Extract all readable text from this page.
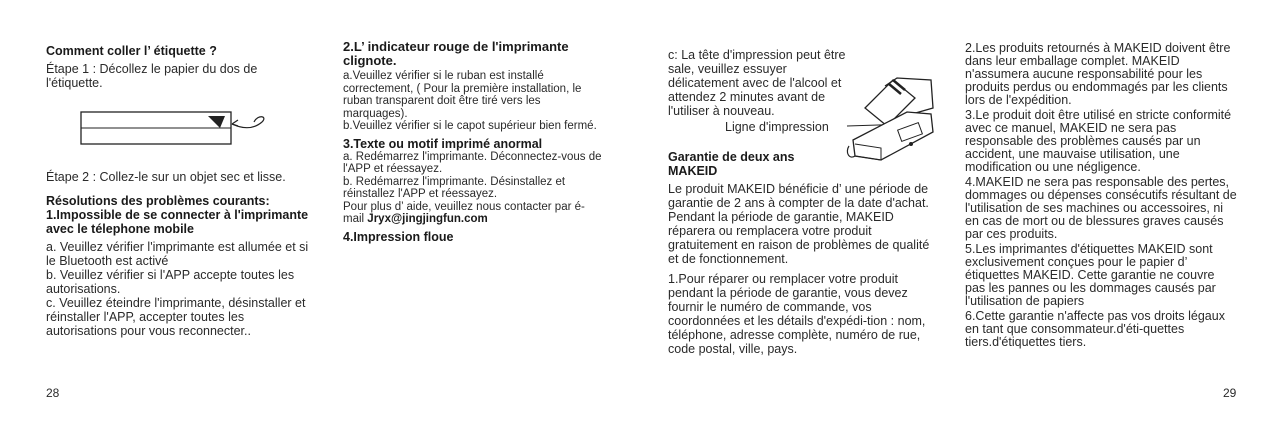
Comment coller l’ étiquette ?

Étape 1 : Décollez le papier du dos de l'étiquette.

Étape 2 : Collez-le sur un objet sec et lisse.

Résolutions des problèmes courants:

1.Impossible de se connecter à l'imprimante avec le télephone mobile

a. Veuillez vérifier l'imprimante est allumée et si le Bluetooth est activé

b. Veuillez vérifier si l'APP accepte toutes les autorisations.

c. Veuillez éteindre l'imprimante, désinstaller et réinstaller l'APP, accepter toutes les autorisations pour vous reconnecter..

2.L’ indicateur rouge de l'imprimante clignote.

a.Veuillez vérifier si le ruban est installé correctement, ( Pour la première installation, le ruban transparent doit être tiré vers les marquages).

b.Veuillez vérifier si le capot supérieur bien fermé.

3.Texte ou motif imprimé anormal

a. Redémarrez l'imprimante. Déconnectez-vous de l'APP et réessayez.

b. Redémarrez l'imprimante. Désinstallez et réinstallez l'APP et réessayez.

Pour plus d’ aide, veuillez nous contacter par é-mail Jryx@jingjingfun.com

4.Impression floue

28

c: La tête d'impression peut être sale, veuillez essuyer délicatement avec de l'alcool et attendez 2 minutes avant de l'utiliser à nouveau.

Ligne d'impression

Garantie de deux ans MAKEID

Le produit MAKEID bénéficie d’ une période de garantie de 2 ans à compter de la date d'achat. Pendant la période de garantie, MAKEID réparera ou remplacera votre produit gratuitement en raison de problèmes de qualité et de fonctionnement.

1.Pour réparer ou remplacer votre produit pendant la période de garantie, vous devez fournir le numéro de commande, vos coordonnées et les détails d'expédi-tion : nom, téléphone, adresse complète, numéro de rue, code postal, ville, pays.

2.Les produits retournés à MAKEID doivent être dans leur emballage complet. MAKEID n'assumera aucune responsabilité pour les produits perdus ou endommagés par les clients lors de l'expédition.

3.Le produit doit être utilisé en stricte conformité avec ce manuel, MAKEID ne sera pas responsable des problèmes causés par un accident, une mauvaise utilisation, une modification ou une négligence.

4.MAKEID ne sera pas responsable des pertes, dommages ou dépenses consécutifs résultant de l'utilisation de ses machines ou accessoires, ni en cas de mort ou de blessures graves causés par ces produits.

5.Les imprimantes d'étiquettes MAKEID sont exclusivement conçues pour le papier d’ étiquettes MAKEID. Cette garantie ne couvre pas les pannes ou les dommages causés par l'utilisation de papiers

6.Cette garantie n'affecte pas vos droits légaux en tant que consommateur.d'éti-quettes tiers.d'étiquettes tiers.

29
